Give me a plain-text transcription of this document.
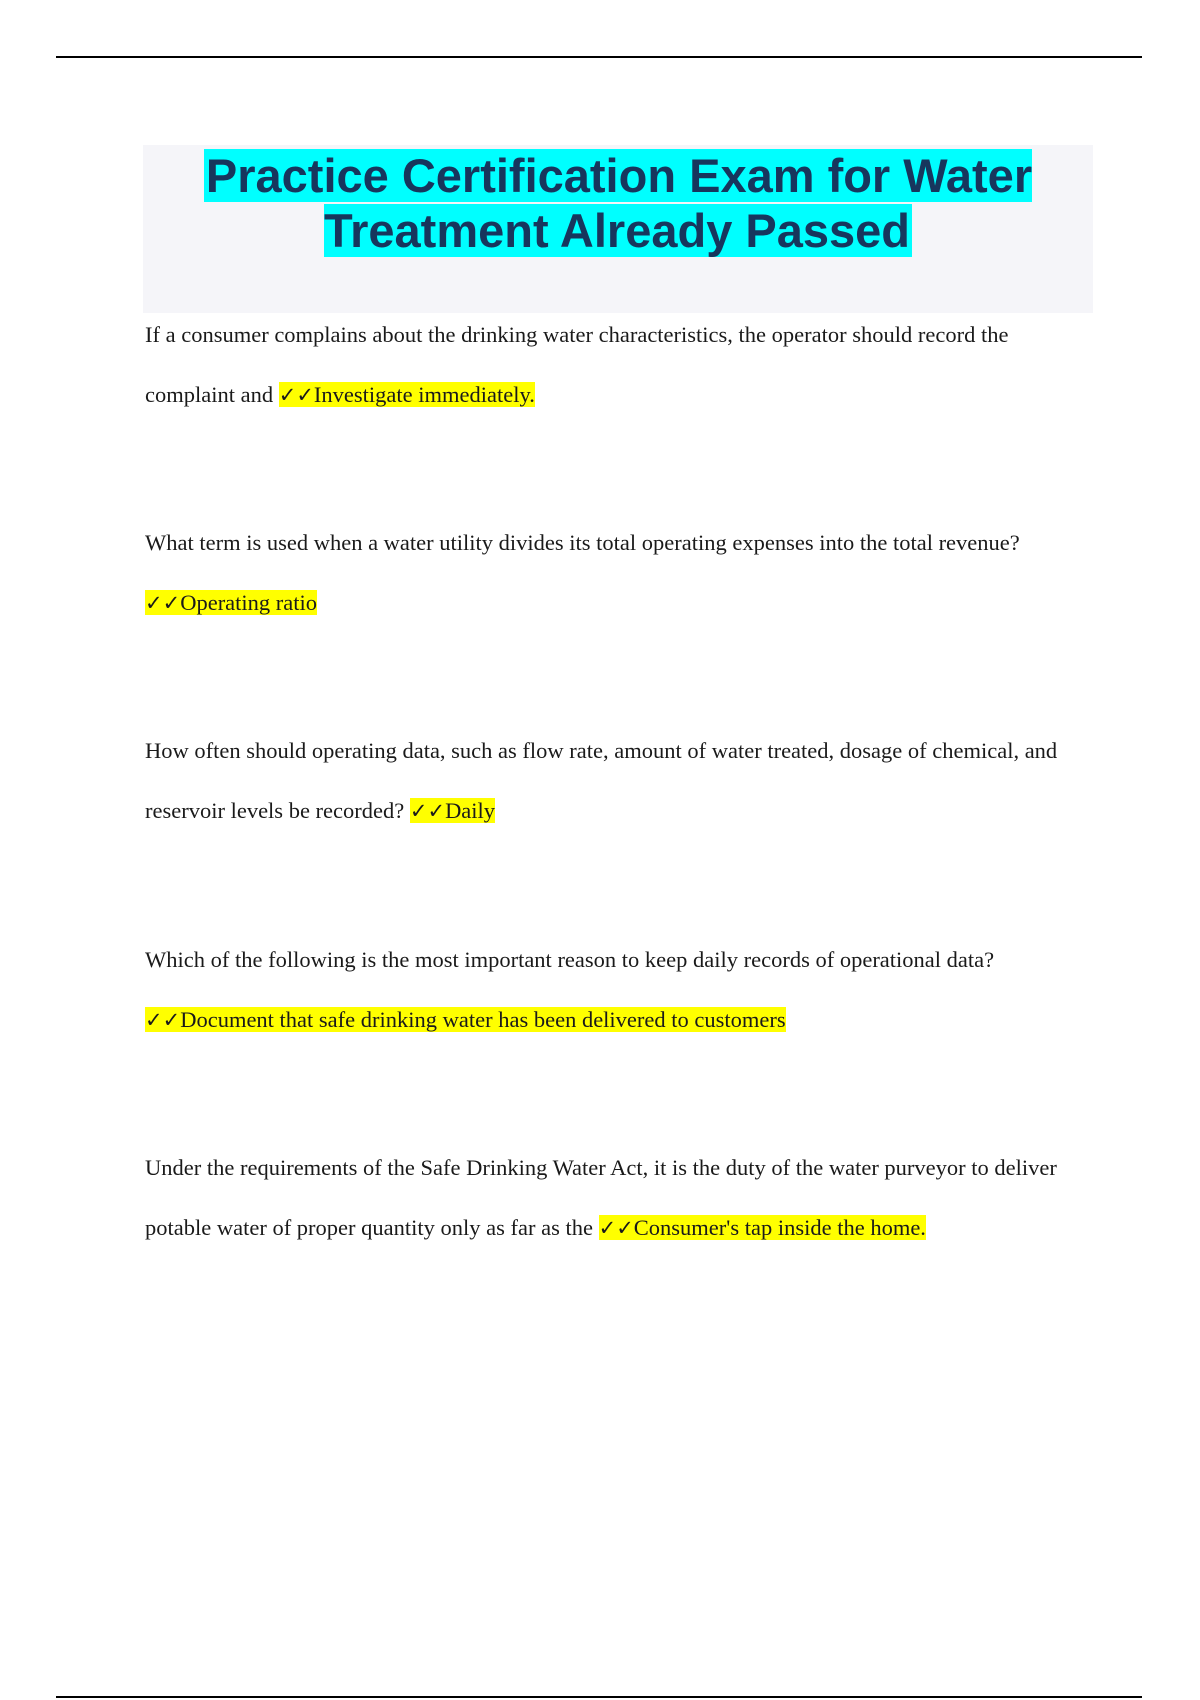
Practice Certification Exam for Water Treatment Already Passed

If a consumer complains about the drinking water characteristics, the operator should record the complaint and ✓✓Investigate immediately.

What term is used when a water utility divides its total operating expenses into the total revenue? ✓✓Operating ratio

How often should operating data, such as flow rate, amount of water treated, dosage of chemical, and reservoir levels be recorded? ✓✓Daily

Which of the following is the most important reason to keep daily records of operational data? ✓✓Document that safe drinking water has been delivered to customers

Under the requirements of the Safe Drinking Water Act, it is the duty of the water purveyor to deliver potable water of proper quantity only as far as the ✓✓Consumer's tap inside the home.
